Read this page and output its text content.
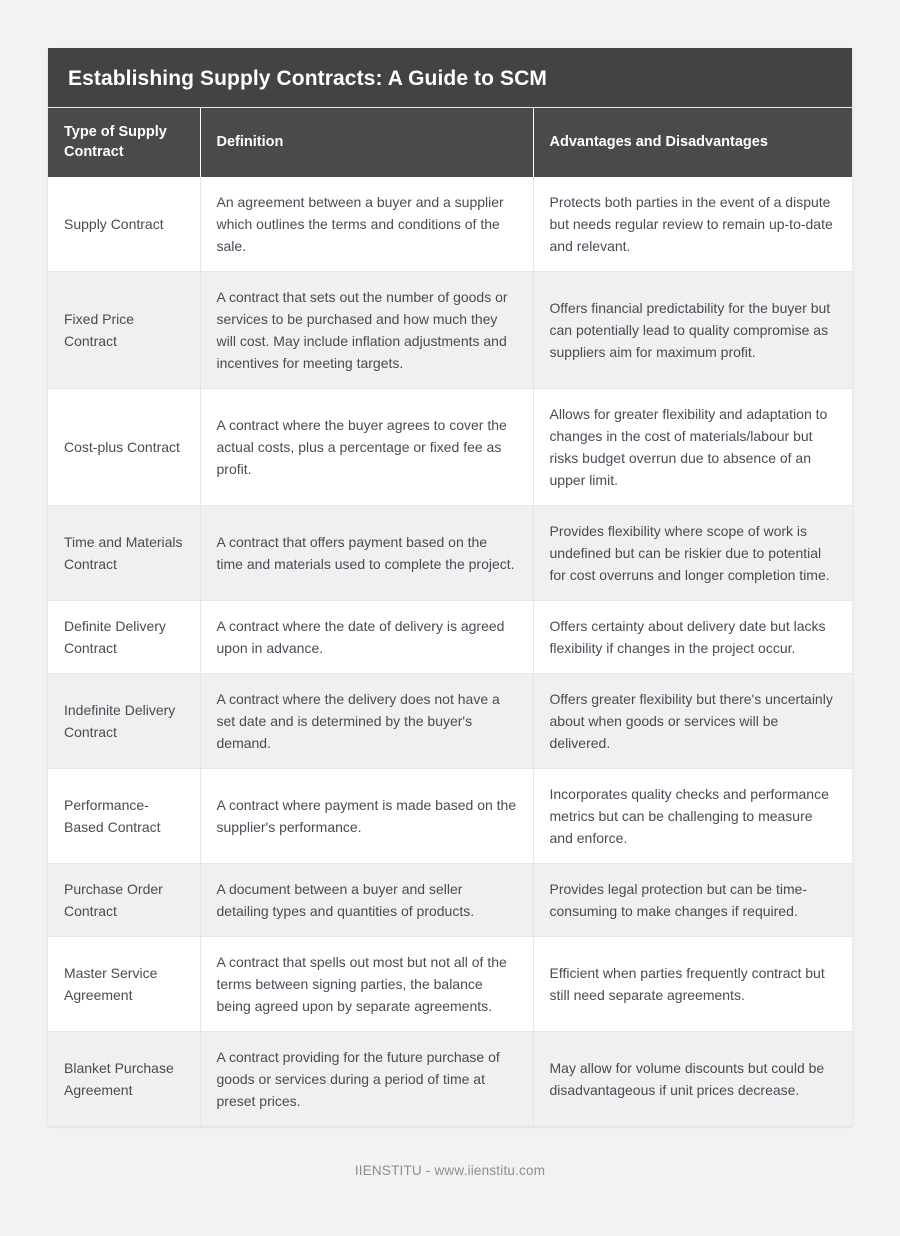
Establishing Supply Contracts: A Guide to SCM
Type of Supply Contract	Definition	Advantages and Disadvantages
Supply Contract	An agreement between a buyer and a supplier which outlines the terms and conditions of the sale.	Protects both parties in the event of a dispute but needs regular review to remain up-to-date and relevant.
Fixed Price Contract	A contract that sets out the number of goods or services to be purchased and how much they will cost. May include inflation adjustments and incentives for meeting targets.	Offers financial predictability for the buyer but can potentially lead to quality compromise as suppliers aim for maximum profit.
Cost-plus Contract	A contract where the buyer agrees to cover the actual costs, plus a percentage or fixed fee as profit.	Allows for greater flexibility and adaptation to changes in the cost of materials/labour but risks budget overrun due to absence of an upper limit.
Time and Materials Contract	A contract that offers payment based on the time and materials used to complete the project.	Provides flexibility where scope of work is undefined but can be riskier due to potential for cost overruns and longer completion time.
Definite Delivery Contract	A contract where the date of delivery is agreed upon in advance.	Offers certainty about delivery date but lacks flexibility if changes in the project occur.
Indefinite Delivery Contract	A contract where the delivery does not have a set date and is determined by the buyer's demand.	Offers greater flexibility but there's uncertainly about when goods or services will be delivered.
Performance-Based Contract	A contract where payment is made based on the supplier's performance.	Incorporates quality checks and performance metrics but can be challenging to measure and enforce.
Purchase Order Contract	A document between a buyer and seller detailing types and quantities of products.	Provides legal protection but can be time-consuming to make changes if required.
Master Service Agreement	A contract that spells out most but not all of the terms between signing parties, the balance being agreed upon by separate agreements.	Efficient when parties frequently contract but still need separate agreements.
Blanket Purchase Agreement	A contract providing for the future purchase of goods or services during a period of time at preset prices.	May allow for volume discounts but could be disadvantageous if unit prices decrease.
IIENSTITU - www.iienstitu.com
